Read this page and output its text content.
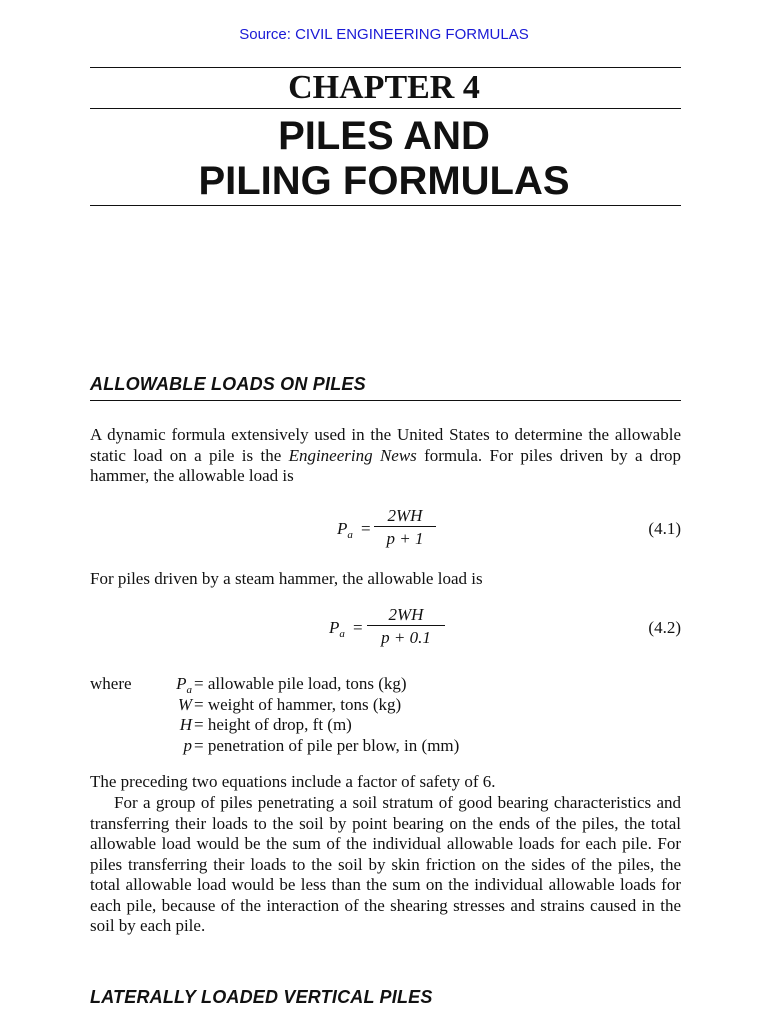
Source: CIVIL ENGINEERING FORMULAS
CHAPTER 4
PILES AND
PILING FORMULAS
ALLOWABLE LOADS ON PILES
A dynamic formula extensively used in the United States to determine the allowable static load on a pile is the Engineering News formula. For piles driven by a drop hammer, the allowable load is
$P_a$ =
2WH
p + 1
(4.1)
For piles driven by a steam hammer, the allowable load is
$P_a$ =
2WH
p + 0.1
(4.2)
where	$P_a$ = allowable pile load, tons (kg)
W = weight of hammer, tons (kg)
H = height of drop, ft (m)
p = penetration of pile per blow, in (mm)
The preceding two equations include a factor of safety of 6.
For a group of piles penetrating a soil stratum of good bearing characteristics and transferring their loads to the soil by point bearing on the ends of the piles, the total allowable load would be the sum of the individual allowable loads for each pile. For piles transferring their loads to the soil by skin friction on the sides of the piles, the total allowable load would be less than the sum on the individual allowable loads for each pile, because of the interaction of the shearing stresses and strains caused in the soil by each pile.
LATERALLY LOADED VERTICAL PILES
